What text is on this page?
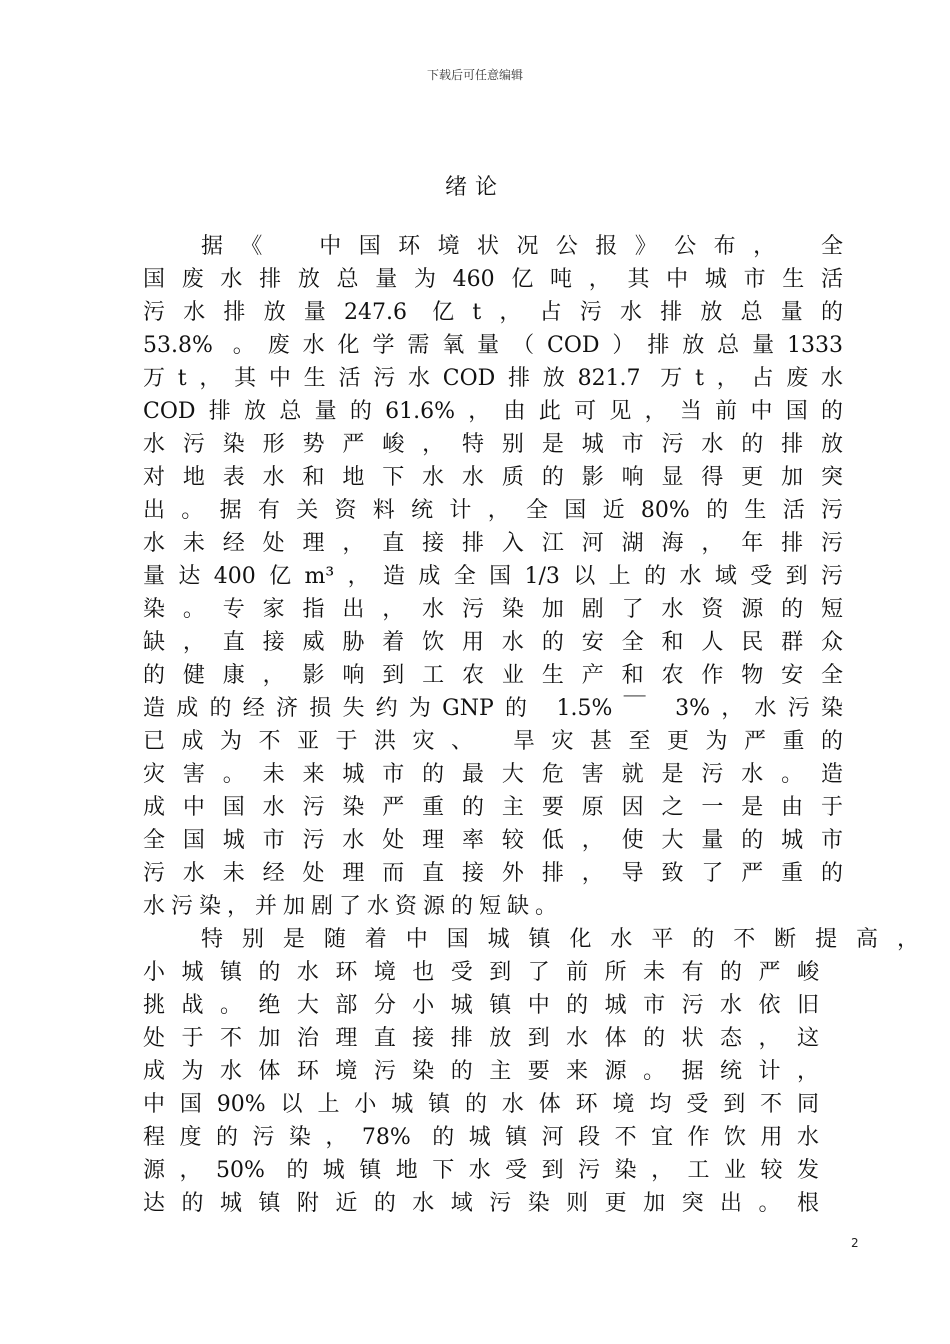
下载后可任意编辑
绪论
据《　中国环境状况公报》公布，　全
国废水排放总量为460亿吨，其中城市生活
污水排放量247.6 亿t，占污水排放总量的
53.8% 。废水化学需氧量（COD）排放总量1333
万t，其中生活污水COD排放821.7 万t，占废水
COD排放总量的61.6%，由此可见，当前中国的
水污染形势严峻，特别是城市污水的排放
对地表水和地下水水质的影响显得更加突
出。据有关资料统计，全国近80%的生活污
水未经处理，直接排入江河湖海，年排污
量达400亿m³，造成全国1/3以上的水域受到污
染。专家指出，水污染加剧了水资源的短
缺，直接威胁着饮用水的安全和人民群众
的健康，影响到工农业生产和农作物安全
造成的经济损失约为GNP的 1.5%￣ 3%，水污染
已成为不亚于洪灾、 旱灾甚至更为严重的
灾害。未来城市的最大危害就是污水。造
成中国水污染严重的主要原因之一是由于
全国城市污水处理率较低，使大量的城市
污水未经处理而直接外排，导致了严重的
水污染，并加剧了水资源的短缺。
特别是随着中国城镇化水平的不断提高，
小城镇的水环境也受到了前所未有的严峻
挑战。绝大部分小城镇中的城市污水依旧
处于不加治理直接排放到水体的状态，这
成为水体环境污染的主要来源。据统计，
中国90%以上小城镇的水体环境均受到不同
程度的污染，78% 的城镇河段不宜作饮用水
源，50% 的城镇地下水受到污染，工业较发
达的城镇附近的水域污染则更加突出。根
2
